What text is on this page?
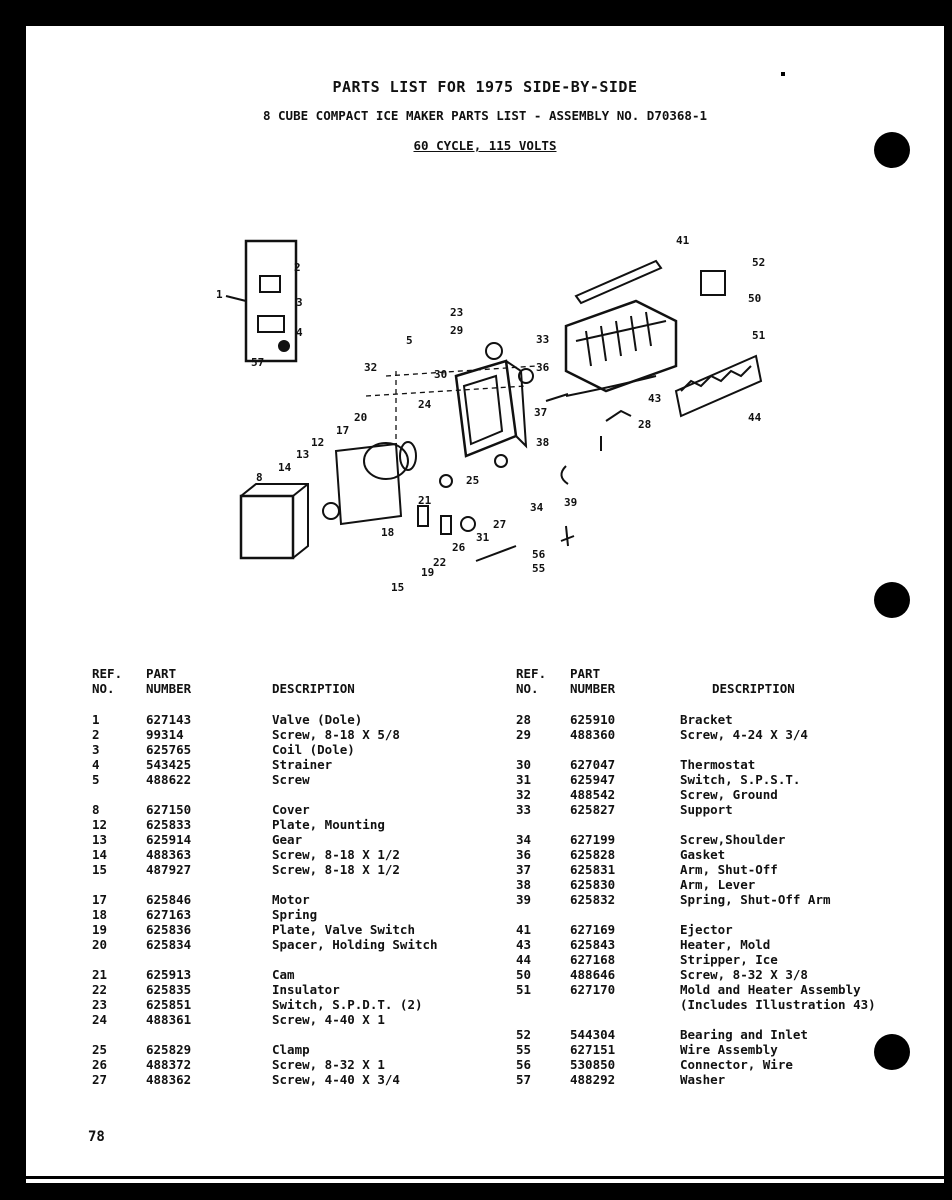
PARTS LIST FOR 1975 SIDE-BY-SIDE
8 CUBE COMPACT ICE MAKER PARTS LIST - ASSEMBLY NO. D70368-1
60 CYCLE, 115 VOLTS
1
2
3
4
57
5
8
12
13
14
15
17
18
19
20
21
22
23
24
25
26
27
28
29
30
31
32
33
34
36
37
38
39
41
43
44
50
51
52
55
56
REF.
NO.
PART
NUMBER	DESCRIPTION
1	627143	Valve (Dole)
2	99314	Screw, 8-18 X 5/8
3	625765	Coil (Dole)
4	543425	Strainer
5	488622	Screw
8	627150	Cover
12	625833	Plate, Mounting
13	625914	Gear
14	488363	Screw, 8-18 X 1/2
15	487927	Screw, 8-18 X 1/2
17	625846	Motor
18	627163	Spring
19	625836	Plate, Valve Switch
20	625834	Spacer, Holding Switch
21	625913	Cam
22	625835	Insulator
23	625851	Switch, S.P.D.T. (2)
24	488361	Screw, 4-40 X 1
25	625829	Clamp
26	488372	Screw, 8-32 X 1
27	488362	Screw, 4-40 X 3/4
REF.
NO.
PART
NUMBER	DESCRIPTION
28	625910	Bracket
29	488360	Screw, 4-24 X 3/4
30	627047	Thermostat
31	625947	Switch, S.P.S.T.
32	488542	Screw, Ground
33	625827	Support
34	627199	Screw,Shoulder
36	625828	Gasket
37	625831	Arm, Shut-Off
38	625830	Arm, Lever
39	625832	Spring, Shut-Off Arm
41	627169	Ejector
43	625843	Heater, Mold
44	627168	Stripper, Ice
50	488646	Screw, 8-32 X 3/8
51	627170	Mold and Heater Assembly
(Includes Illustration 43)
52	544304	Bearing and Inlet
55	627151	Wire Assembly
56	530850	Connector, Wire
57	488292	Washer
78
